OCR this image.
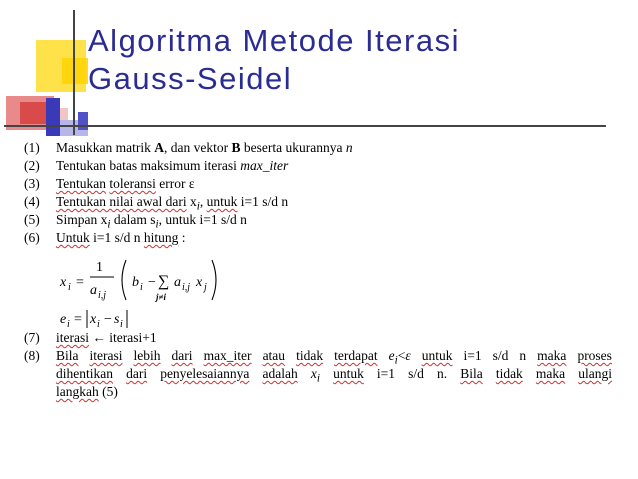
Algoritma Metode Iterasi
Gauss-Seidel
(1) Masukkan matrik A, dan vektor B beserta ukurannya n
(2) Tentukan batas maksimum iterasi max_iter
(3) Tentukan toleransi error ε
(4) Tentukan nilai awal dari $x_i$, untuk i=1 s/d n
(5) Simpan $x_i$ dalam $s_i$, untuk i=1 s/d n
(6) Untuk i=1 s/d n hitung :
(7) iterasi ← iterasi+1
(8) Bila iterasi lebih dari max_iter atau tidak terdapat $e_i<\varepsilon$ untuk i=1 s/d n maka proses
dihentikan dari penyelesaiannya adalah $x_i$ untuk i=1 s/d n. Bila tidak maka ulangi
langkah (5)
x i =
1
a i,j
b i − ∑
j≠i
a i,j x j
e i = x i − s i
